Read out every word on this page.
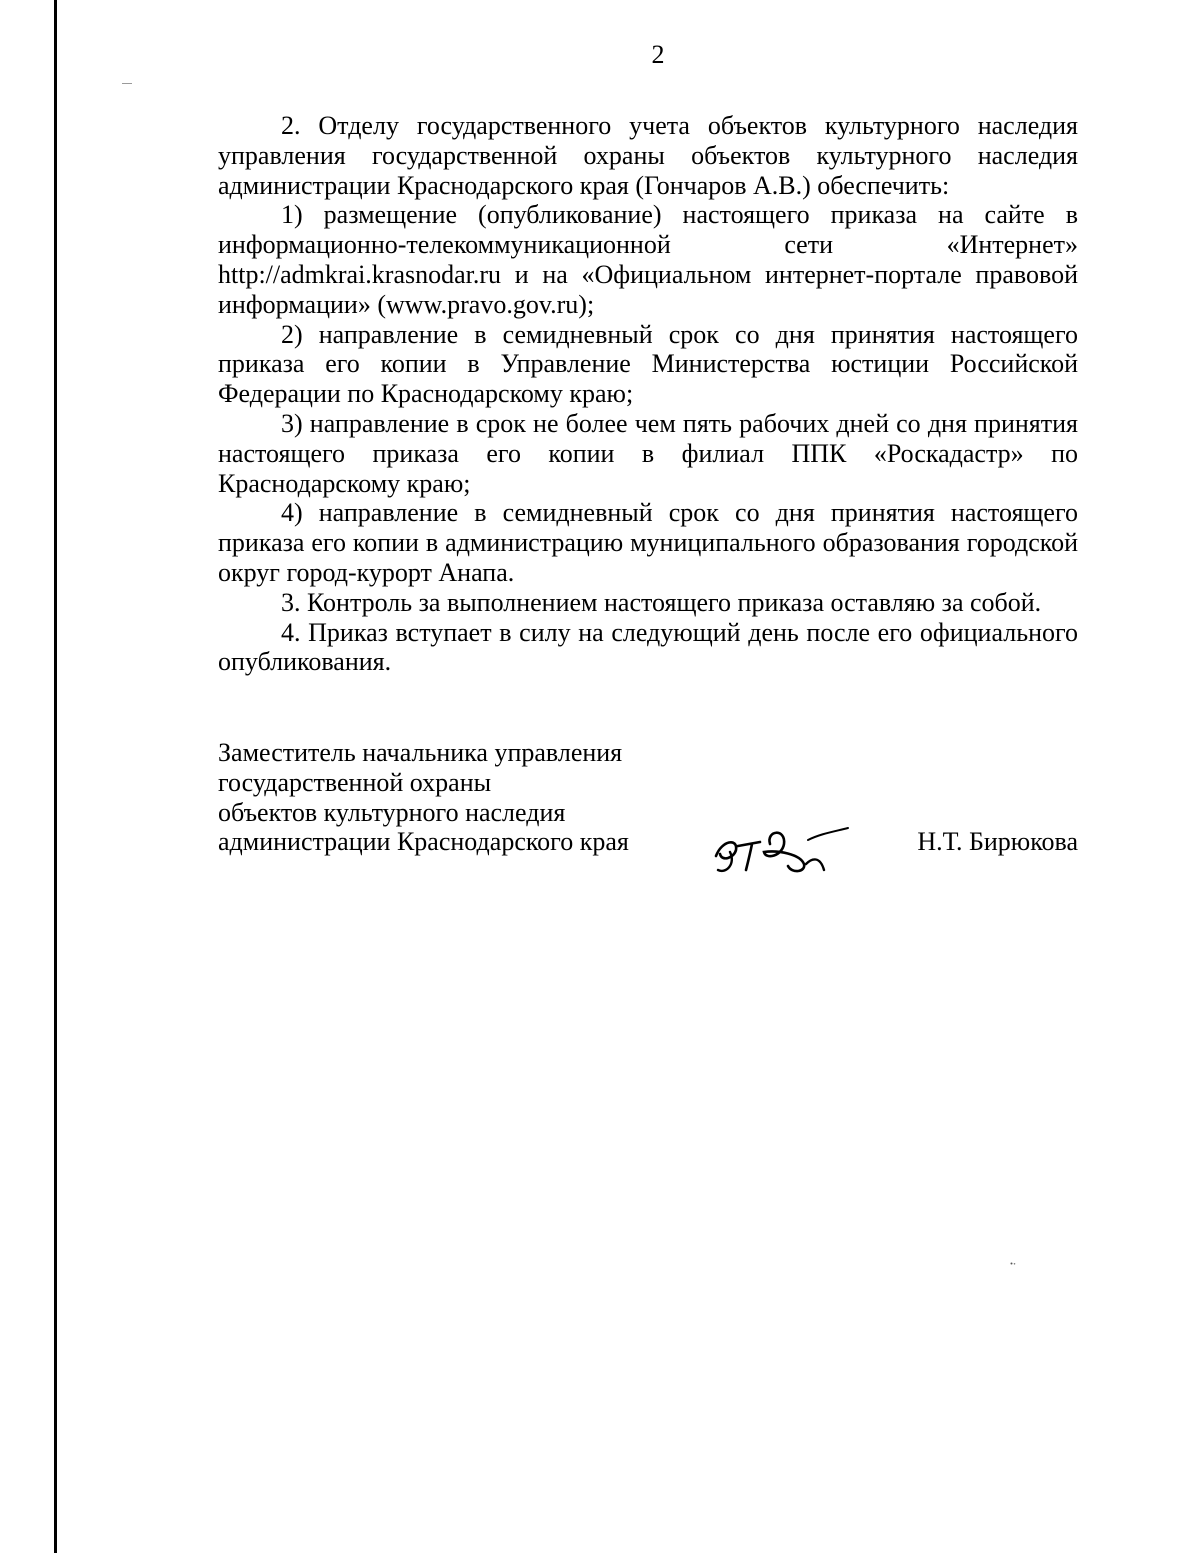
2

2. Отделу государственного учета объектов культурного наследия управления государственной охраны объектов культурного наследия администрации Краснодарского края (Гончаров А.В.) обеспечить:

1) размещение (опубликование) настоящего приказа на сайте в информационно-телекоммуникационной сети «Интернет» http://admkrai.krasnodar.ru и на «Официальном интернет-портале правовой информации» (www.pravo.gov.ru);

2) направление в семидневный срок со дня принятия настоящего приказа его копии в Управление Министерства юстиции Российской Федерации по Краснодарскому краю;

3) направление в срок не более чем пять рабочих дней со дня принятия настоящего приказа его копии в филиал ППК «Роскадастр» по Краснодарскому краю;

4) направление в семидневный срок со дня принятия настоящего приказа его копии в администрацию муниципального образования городской округ город-курорт Анапа.

3. Контроль за выполнением настоящего приказа оставляю за собой.

4. Приказ вступает в силу на следующий день после его официального опубликования.

Заместитель начальника управления
государственной охраны
объектов культурного наследия
администрации Краснодарского края	Н.Т. Бирюкова
